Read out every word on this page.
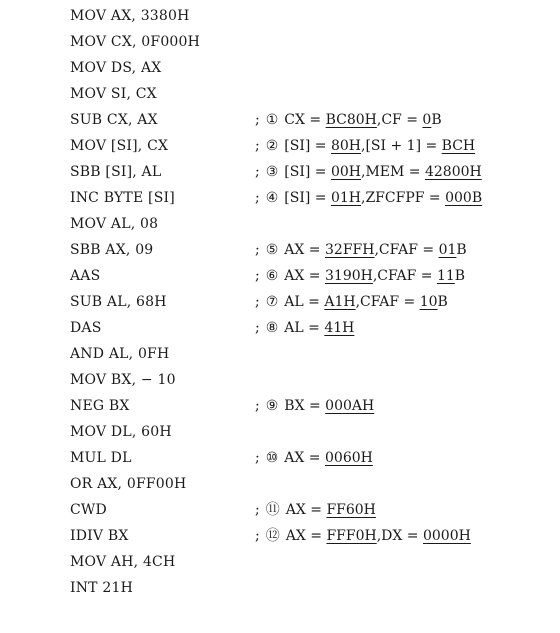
MOV AX, 3380H
MOV CX, 0F000H
MOV DS, AX
MOV SI, CX
SUB CX, AX	; ① CX = BC80H,CF = 0B
MOV [SI], CX	; ② [SI] = 80H,[SI + 1] = BCH
SBB [SI], AL	; ③ [SI] = 00H,MEM = 42800H
INC BYTE [SI]	; ④ [SI] = 01H,ZFCFPF = 000B
MOV AL, 08
SBB AX, 09	; ⑤ AX = 32FFH,CFAF = 01B
AAS	; ⑥ AX = 3190H,CFAF = 11B
SUB AL, 68H	; ⑦ AL = A1H,CFAF = 10B
DAS	; ⑧ AL = 41H
AND AL, 0FH
MOV BX, − 10
NEG BX	; ⑨ BX = 000AH
MOV DL, 60H
MUL DL	; ⑩ AX = 0060H
OR AX, 0FF00H
CWD	; ⑪ AX = FF60H
IDIV BX	; ⑫ AX = FFF0H,DX = 0000H
MOV AH, 4CH
INT 21H
